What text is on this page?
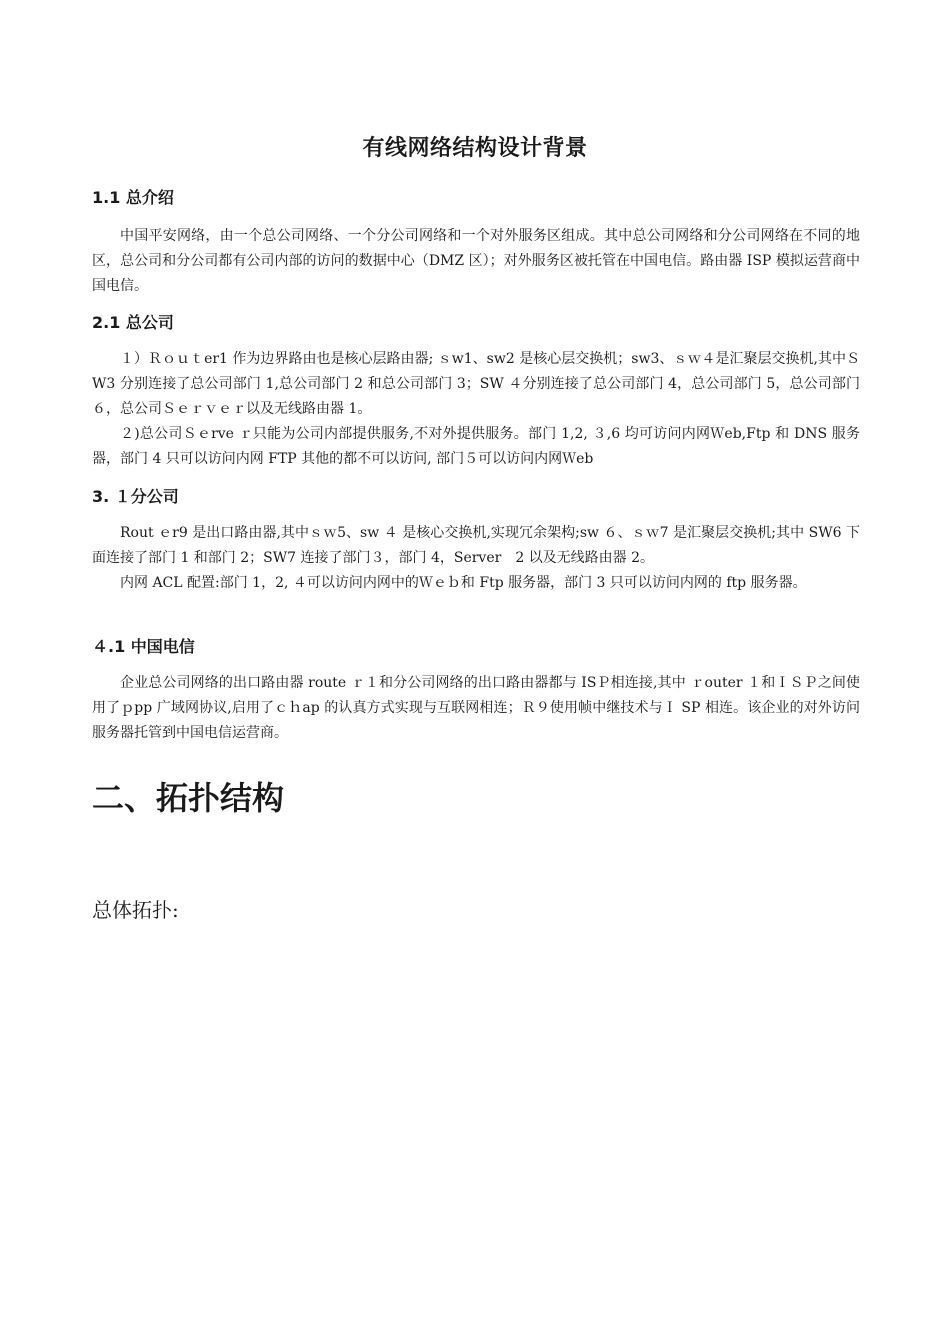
有线网络结构设计背景
1.1 总介绍

中国平安网络，由一个总公司网络、一个分公司网络和一个对外服务区组成。其中总公司网络和分公司网络在不同的地区，总公司和分公司都有公司内部的访问的数据中心（DMZ 区）；对外服务区被托管在中国电信。路由器 ISP 模拟运营商中国电信。

2.1 总公司

１）Ｒｏｕｔer1 作为边界路由也是核心层路由器; ｓw1、sw2 是核心层交换机；sw3、ｓｗ４是汇聚层交换机,其中ＳW3 分别连接了总公司部门 1,总公司部门 2 和总公司部门 3；SW ４分别连接了总公司部门 4，总公司部门 5，总公司部门６，总公司Ｓｅｒｖｅｒ以及无线路由器 1。

２)总公司Ｓｅrve ｒ只能为公司内部提供服务,不对外提供服务。部门 1,2, ３,6 均可访问内网Ｗeb,Ftp 和 DNS 服务器，部门 4 只可以访问内网 FTP 其他的都不可以访问, 部门５可以访问内网Ｗeb

3. １分公司

Rout ｅr9 是出口路由器,其中ｓｗ5、sw ４ 是核心交换机,实现冗余架构;sw ６、ｓｗ7 是汇聚层交换机;其中 SW6 下面连接了部门 1 和部门 2；SW7 连接了部门３，部门 4，Server　2 以及无线路由器 2。

内网 ACL 配置:部门 1，2, ４可以访问内网中的Ｗｅｂ和 Ftp 服务器，部门 3 只可以访问内网的 ftp 服务器。

４.1 中国电信

企业总公司网络的出口路由器 route ｒ１和分公司网络的出口路由器都与 ISＰ相连接,其中 ｒouter １和ＩＳＰ之间使用了ｐpp 广域网协议,启用了ｃｈap 的认真方式实现与互联网相连；Ｒ９使用帧中继技术与Ｉ SP 相连。该企业的对外访问服务器托管到中国电信运营商。

二、拓扑结构
总体拓扑:
